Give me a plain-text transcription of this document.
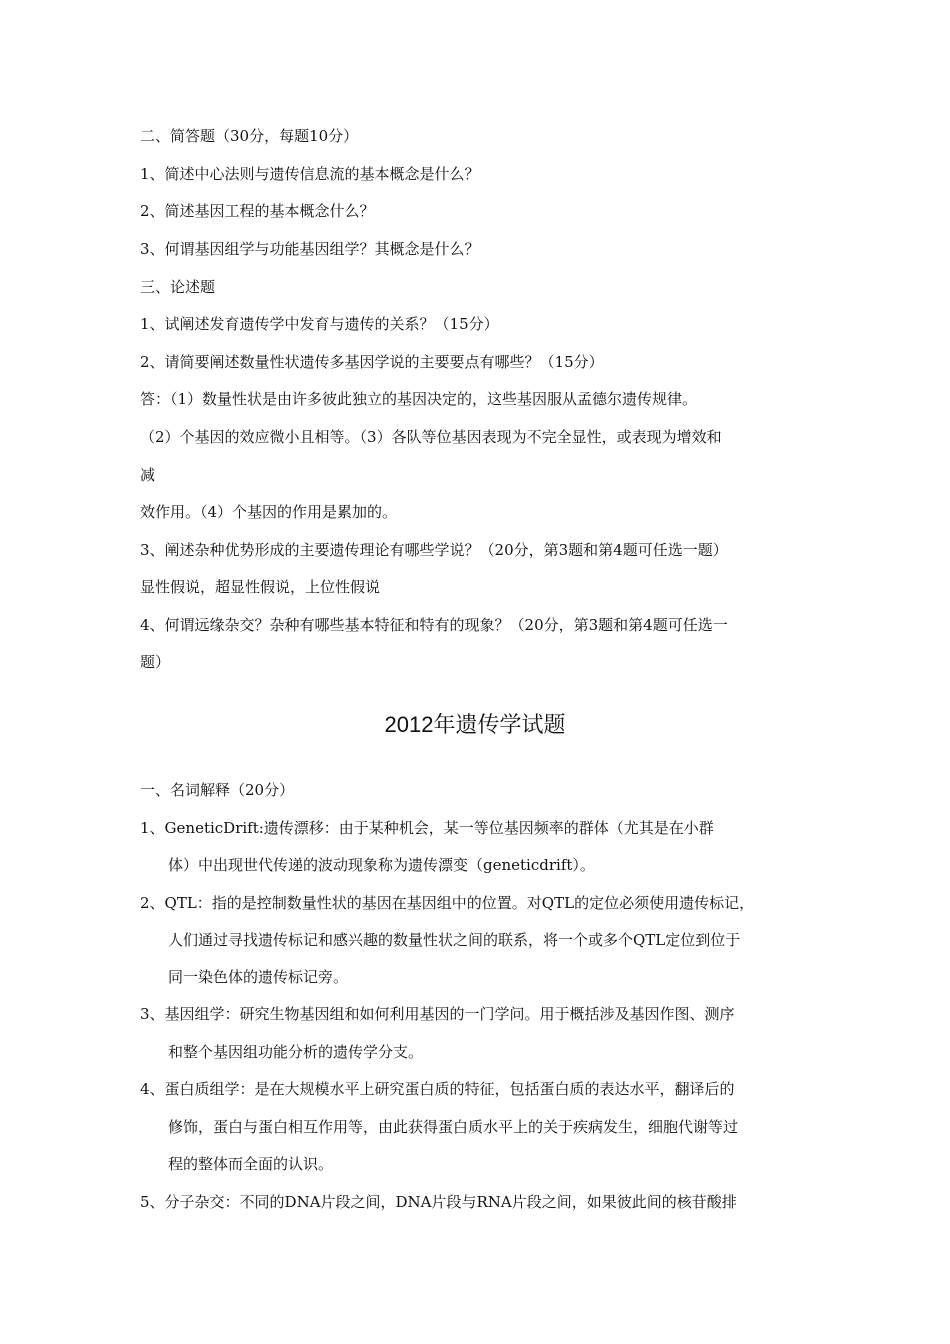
二、简答题（30分，每题10分）
1、简述中心法则与遗传信息流的基本概念是什么？
2、简述基因工程的基本概念什么？
3、何谓基因组学与功能基因组学？其概念是什么？
三、论述题
1、试阐述发育遗传学中发育与遗传的关系？（15分）
2、请简要阐述数量性状遗传多基因学说的主要要点有哪些？（15分）
答：（1）数量性状是由许多彼此独立的基因决定的，这些基因服从孟德尔遗传规律。
（2）个基因的效应微小且相等。（3）各队等位基因表现为不完全显性，或表现为增效和
减
效作用。（4）个基因的作用是累加的。
3、阐述杂种优势形成的主要遗传理论有哪些学说？（20分，第3题和第4题可任选一题）
显性假说，超显性假说，上位性假说
4、何谓远缘杂交？杂种有哪些基本特征和特有的现象？（20分，第3题和第4题可任选一
题）
2012年遗传学试题
一、名词解释（20分）
1、GeneticDrift:遗传漂移：由于某种机会，某一等位基因频率的群体（尤其是在小群
体）中出现世代传递的波动现象称为遗传漂变（geneticdrift）。
2、QTL：指的是控制数量性状的基因在基因组中的位置。对QTL的定位必须使用遗传标记，
人们通过寻找遗传标记和感兴趣的数量性状之间的联系，将一个或多个QTL定位到位于
同一染色体的遗传标记旁。
3、基因组学：研究生物基因组和如何利用基因的一门学问。用于概括涉及基因作图、测序
和整个基因组功能分析的遗传学分支。
4、蛋白质组学：是在大规模水平上研究蛋白质的特征，包括蛋白质的表达水平，翻译后的
修饰，蛋白与蛋白相互作用等，由此获得蛋白质水平上的关于疾病发生，细胞代谢等过
程的整体而全面的认识。
5、分子杂交：不同的DNA片段之间，DNA片段与RNA片段之间，如果彼此间的核苷酸排
